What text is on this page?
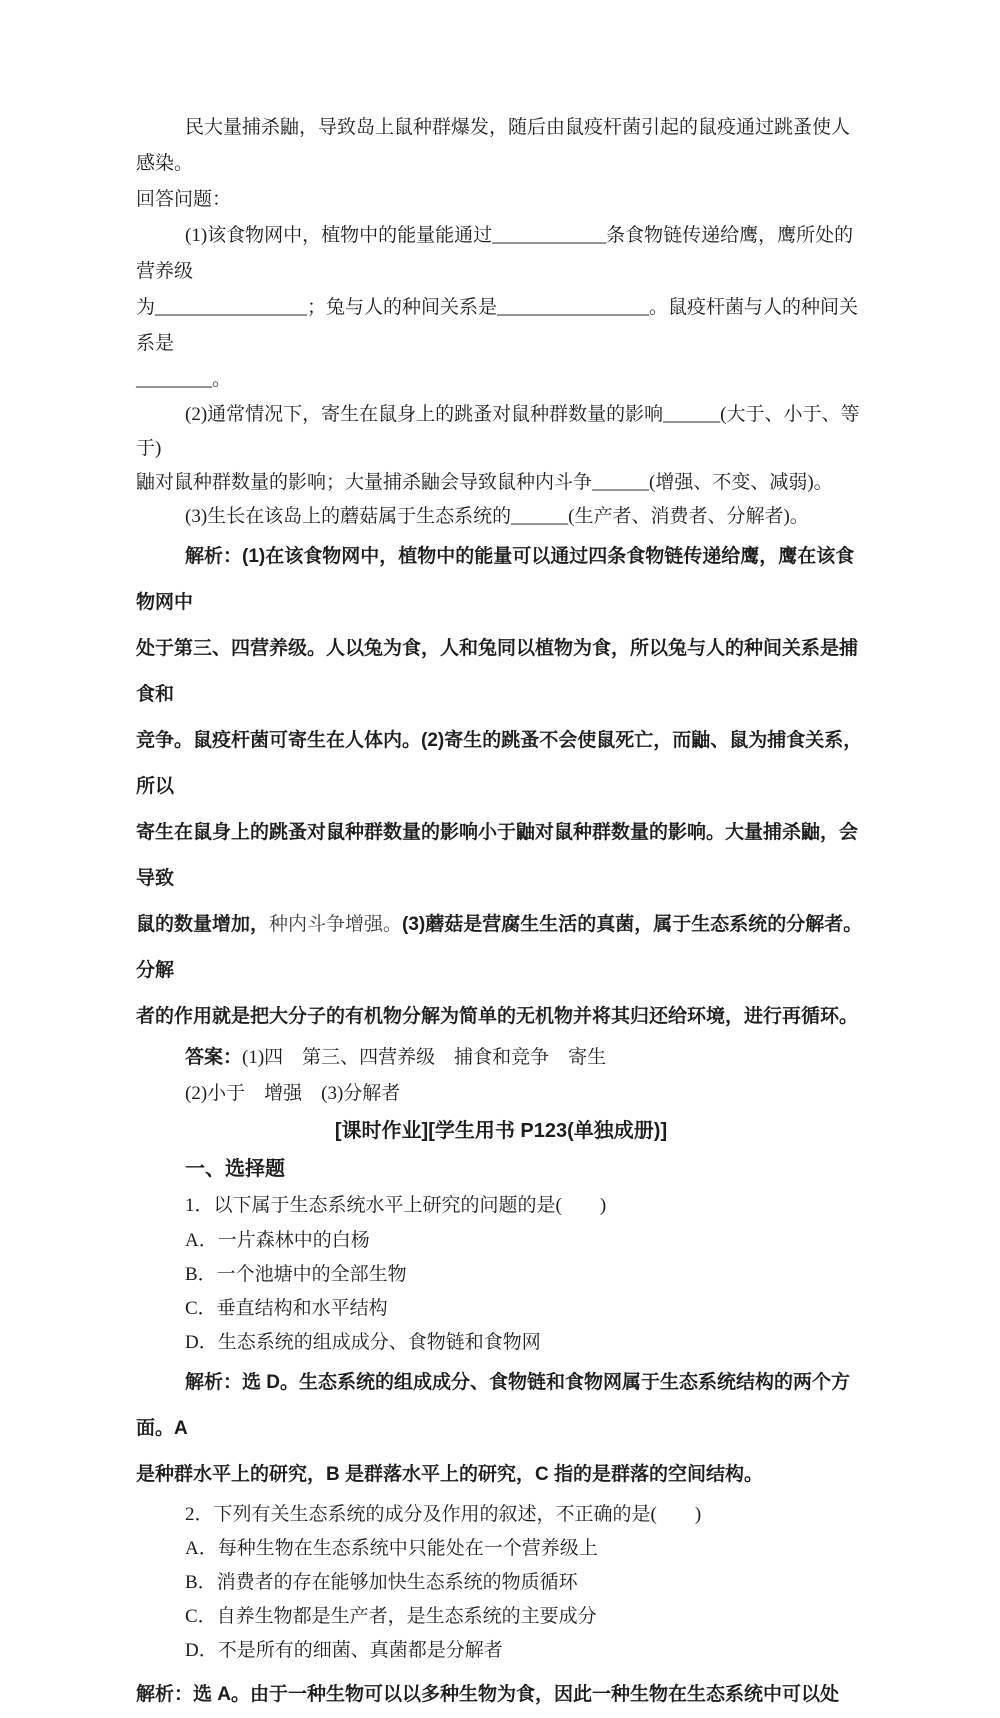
民大量捕杀鼬，导致岛上鼠种群爆发，随后由鼠疫杆菌引起的鼠疫通过跳蚤使人感染。

回答问题：

(1)该食物网中，植物中的能量能通过____________条食物链传递给鹰，鹰所处的营养级

为________________；兔与人的种间关系是________________。鼠疫杆菌与人的种间关系是

________。

(2)通常情况下，寄生在鼠身上的跳蚤对鼠种群数量的影响______(大于、小于、等于)

鼬对鼠种群数量的影响；大量捕杀鼬会导致鼠种内斗争______(增强、不变、减弱)。

(3)生长在该岛上的蘑菇属于生态系统的______(生产者、消费者、分解者)。

解析：(1)在该食物网中，植物中的能量可以通过四条食物链传递给鹰，鹰在该食物网中

处于第三、四营养级。人以兔为食，人和兔同以植物为食，所以兔与人的种间关系是捕食和

竞争。鼠疫杆菌可寄生在人体内。(2)寄生的跳蚤不会使鼠死亡，而鼬、鼠为捕食关系，所以

寄生在鼠身上的跳蚤对鼠种群数量的影响小于鼬对鼠种群数量的影响。大量捕杀鼬，会导致

鼠的数量增加，种内斗争增强。(3)蘑菇是营腐生生活的真菌，属于生态系统的分解者。分解

者的作用就是把大分子的有机物分解为简单的无机物并将其归还给环境，进行再循环。

答案：(1)四　第三、四营养级　捕食和竞争　寄生

(2)小于　增强　(3)分解者

[课时作业][学生用书 P123(单独成册)]

一、选择题

1．以下属于生态系统水平上研究的问题的是(　　)

A．一片森林中的白杨

B．一个池塘中的全部生物

C．垂直结构和水平结构

D．生态系统的组成成分、食物链和食物网

解析：选 D。生态系统的组成成分、食物链和食物网属于生态系统结构的两个方面。A

是种群水平上的研究，B 是群落水平上的研究，C 指的是群落的空间结构。

2．下列有关生态系统的成分及作用的叙述，不正确的是(　　)

A．每种生物在生态系统中只能处在一个营养级上

B．消费者的存在能够加快生态系统的物质循环

C．自养生物都是生产者，是生态系统的主要成分

D．不是所有的细菌、真菌都是分解者

解析：选 A。由于一种生物可以以多种生物为食，因此一种生物在生态系统中可以处
